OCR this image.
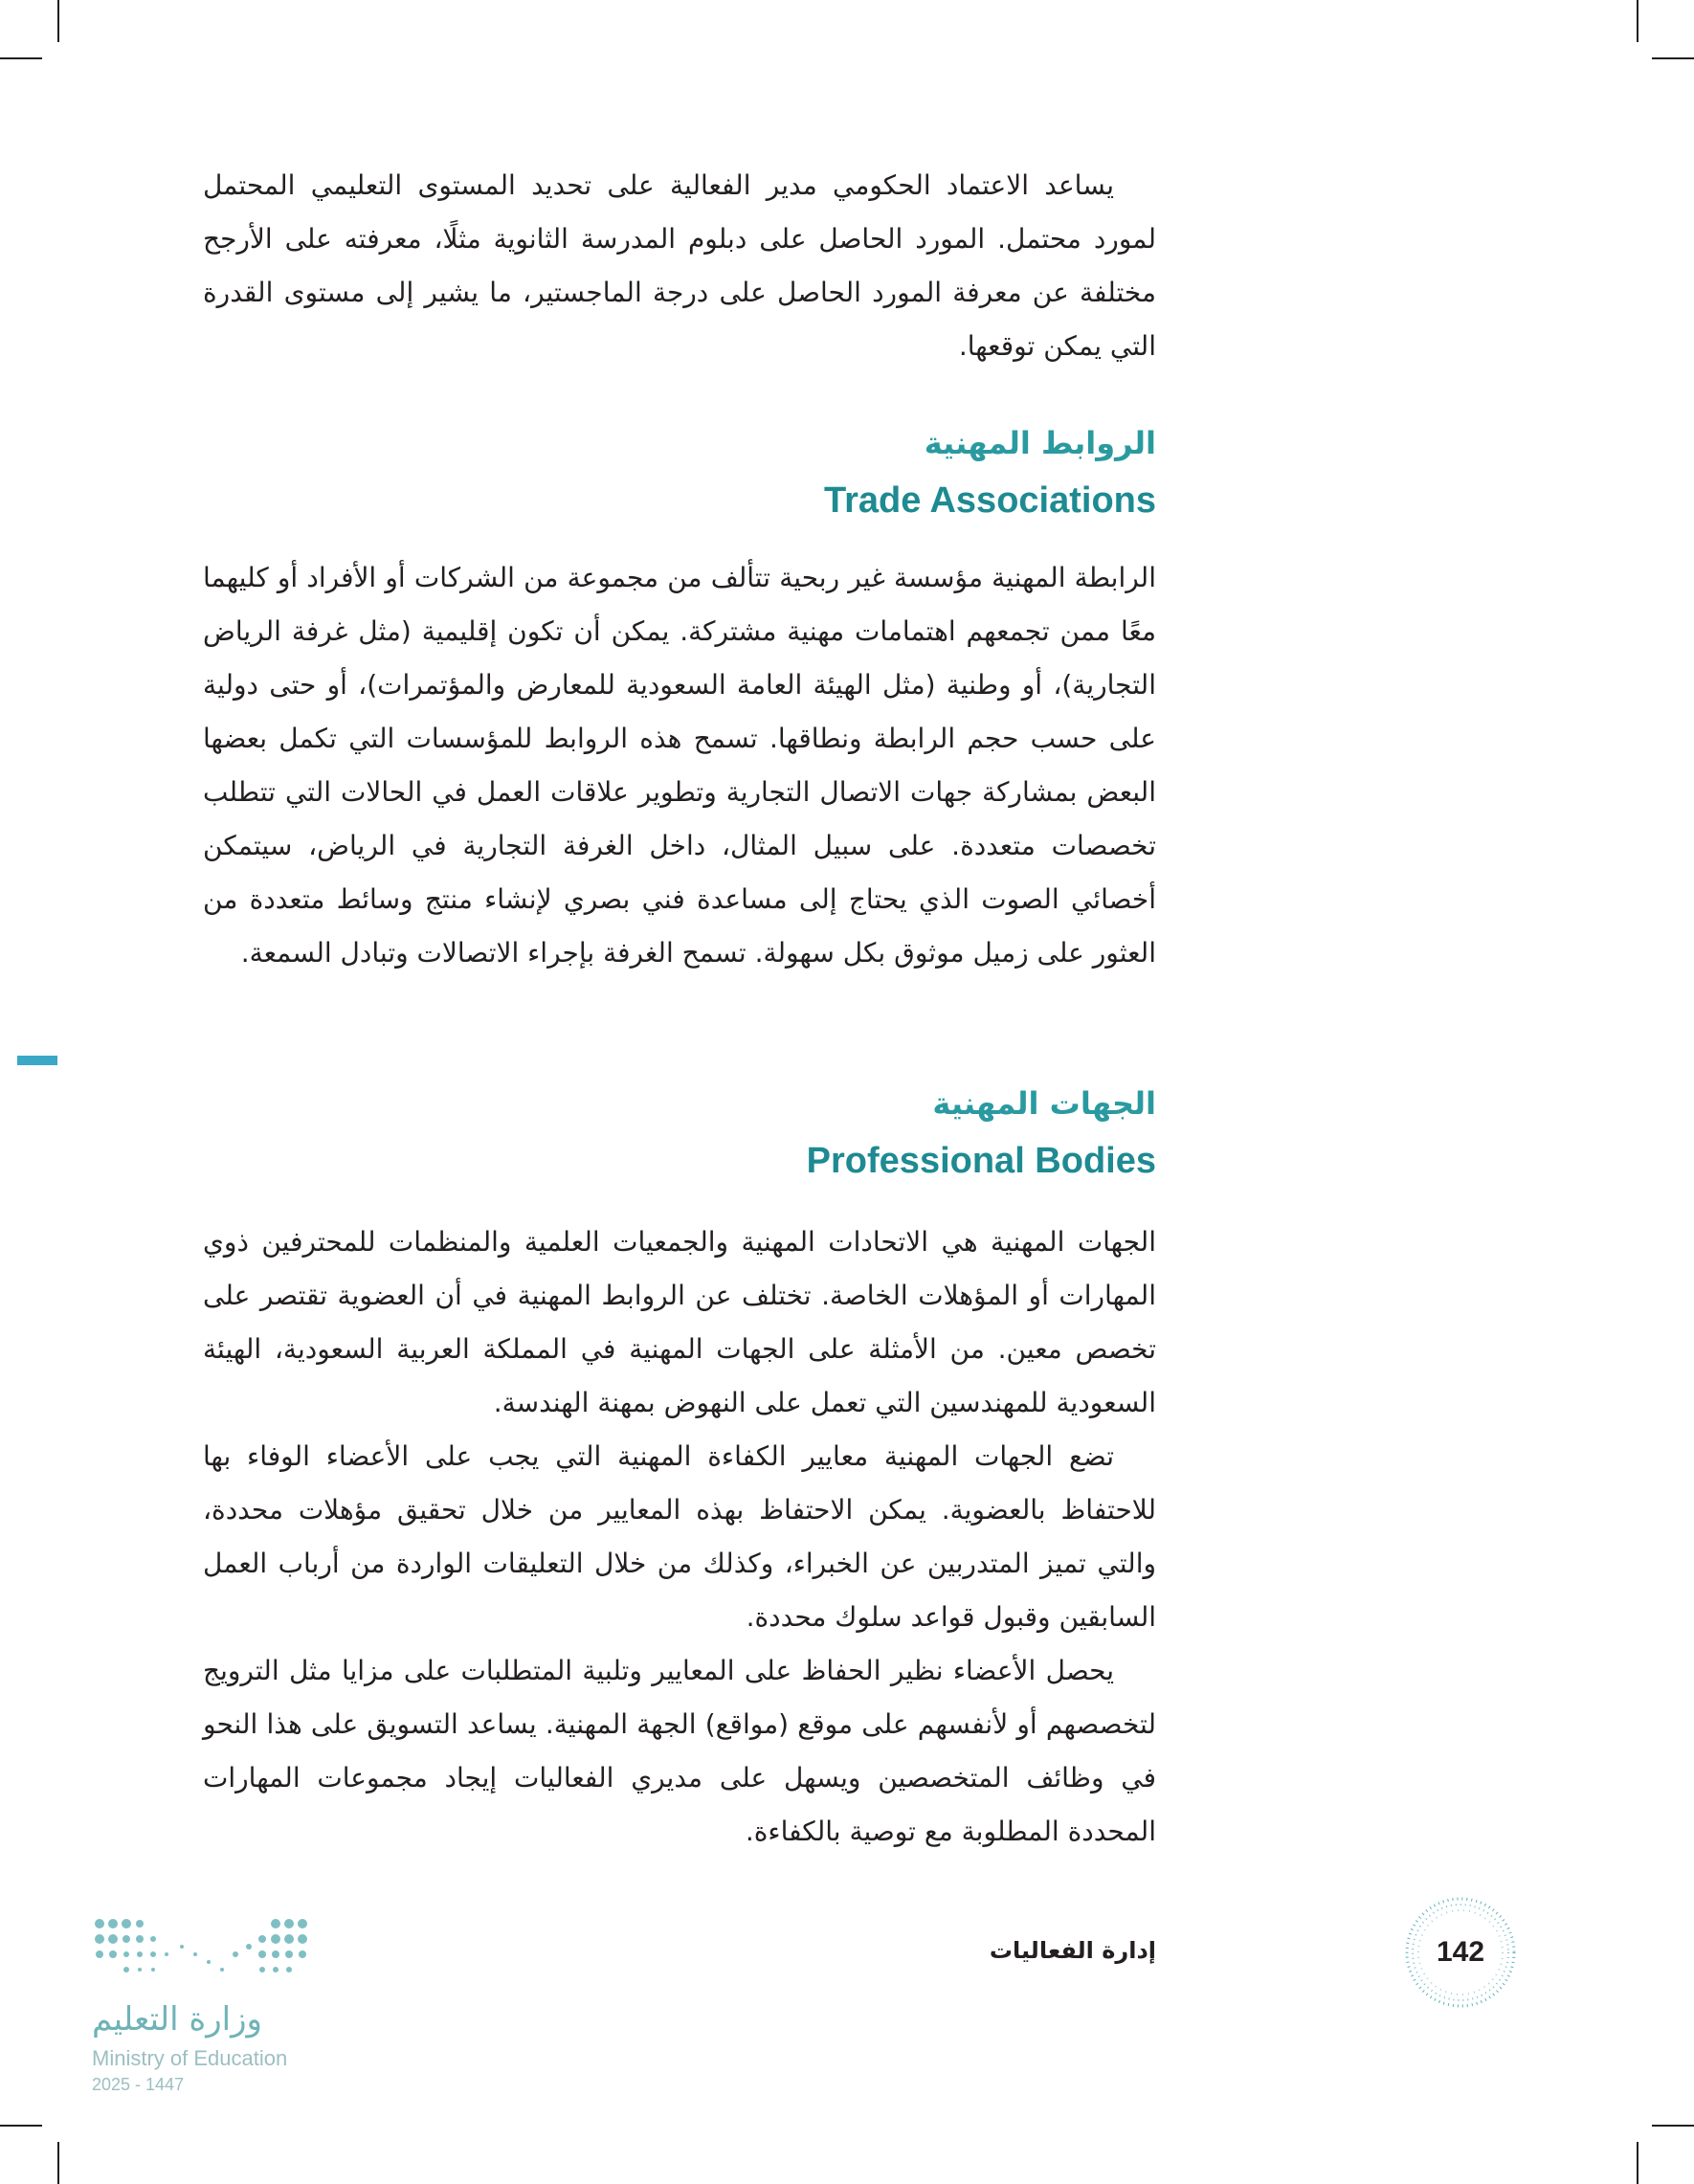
يساعد الاعتماد الحكومي مدير الفعالية على تحديد المستوى التعليمي المحتمل لمورد محتمل. المورد الحاصل على دبلوم المدرسة الثانوية مثلًا، معرفته على الأرجح مختلفة عن معرفة المورد الحاصل على درجة الماجستير، ما يشير إلى مستوى القدرة التي يمكن توقعها.

الروابط المهنية
Trade Associations

الرابطة المهنية مؤسسة غير ربحية تتألف من مجموعة من الشركات أو الأفراد أو كليهما معًا ممن تجمعهم اهتمامات مهنية مشتركة. يمكن أن تكون إقليمية (مثل غرفة الرياض التجارية)، أو وطنية (مثل الهيئة العامة السعودية للمعارض والمؤتمرات)، أو حتى دولية على حسب حجم الرابطة ونطاقها. تسمح هذه الروابط للمؤسسات التي تكمل بعضها البعض بمشاركة جهات الاتصال التجارية وتطوير علاقات العمل في الحالات التي تتطلب تخصصات متعددة. على سبيل المثال، داخل الغرفة التجارية في الرياض، سيتمكن أخصائي الصوت الذي يحتاج إلى مساعدة فني بصري لإنشاء منتج وسائط متعددة من العثور على زميل موثوق بكل سهولة. تسمح الغرفة بإجراء الاتصالات وتبادل السمعة.

الجهات المهنية
Professional Bodies

الجهات المهنية هي الاتحادات المهنية والجمعيات العلمية والمنظمات للمحترفين ذوي المهارات أو المؤهلات الخاصة. تختلف عن الروابط المهنية في أن العضوية تقتصر على تخصص معين. من الأمثلة على الجهات المهنية في المملكة العربية السعودية، الهيئة السعودية للمهندسين التي تعمل على النهوض بمهنة الهندسة.

تضع الجهات المهنية معايير الكفاءة المهنية التي يجب على الأعضاء الوفاء بها للاحتفاظ بالعضوية. يمكن الاحتفاظ بهذه المعايير من خلال تحقيق مؤهلات محددة، والتي تميز المتدربين عن الخبراء، وكذلك من خلال التعليقات الواردة من أرباب العمل السابقين وقبول قواعد سلوك محددة.

يحصل الأعضاء نظير الحفاظ على المعايير وتلبية المتطلبات على مزايا مثل الترويج لتخصصهم أو لأنفسهم على موقع (مواقع) الجهة المهنية. يساعد التسويق على هذا النحو في وظائف المتخصصين ويسهل على مديري الفعاليات إيجاد مجموعات المهارات المحددة المطلوبة مع توصية بالكفاءة.

إدارة الفعاليات	142
وزارة التعليم
Ministry of Education
2025 - 1447
